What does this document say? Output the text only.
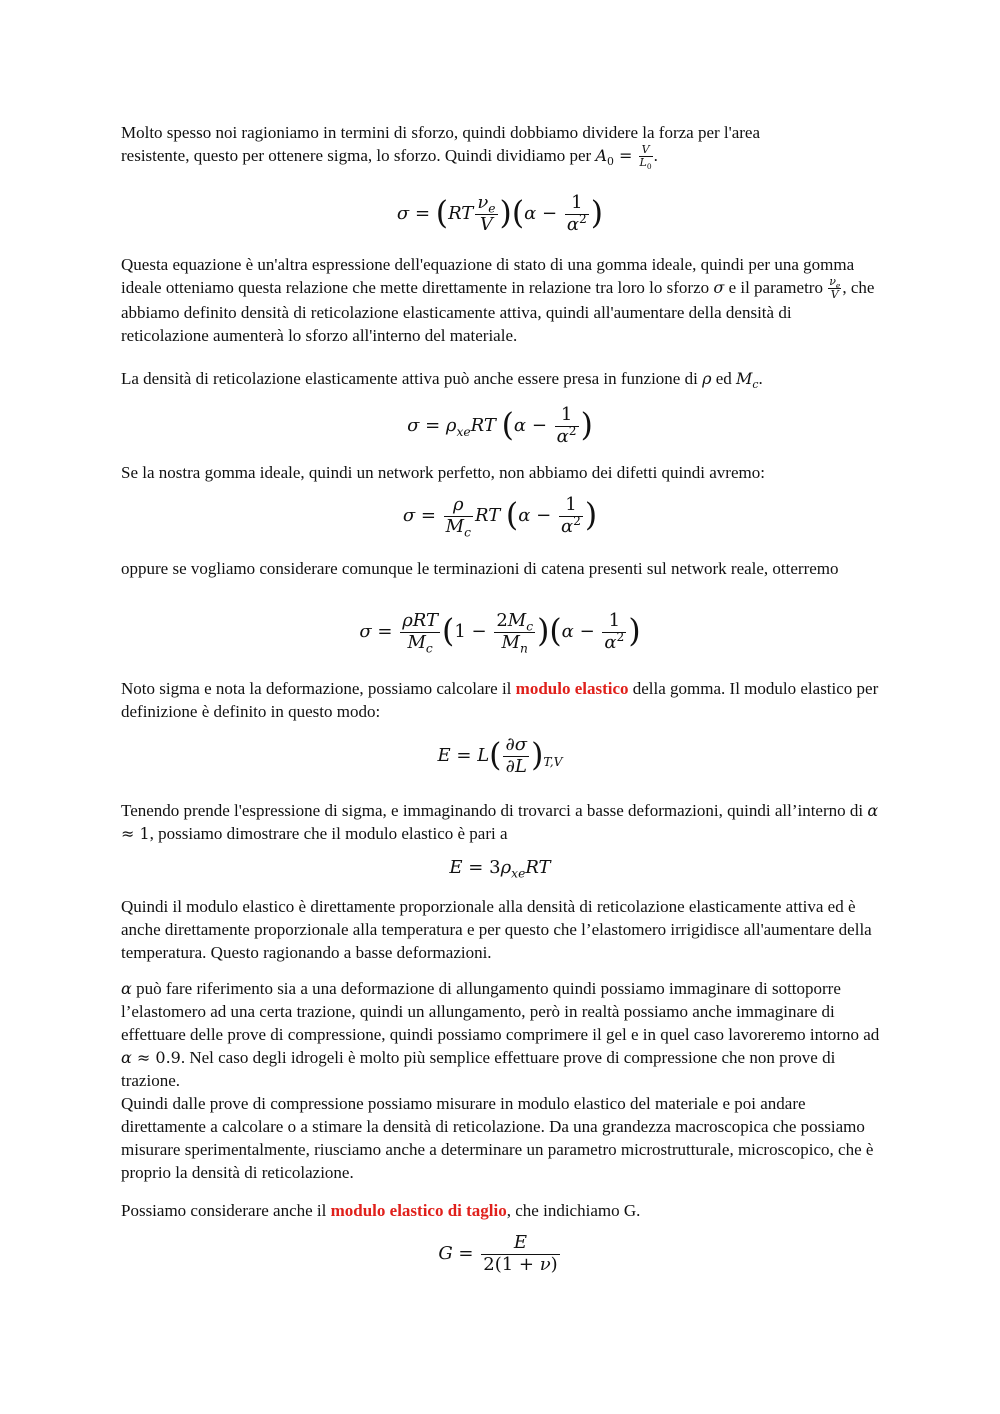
Molto spesso noi ragioniamo in termini di sforzo, quindi dobbiamo dividere la forza per l'area
resistente, questo per ottenere sigma, lo sforzo. Quindi dividiamo per $A_0 = \frac{V}{L_0}$ .

$\sigma = (RT \frac{\nu_e}{V} )(\alpha - \frac{1}{\alpha^2}$ )

Questa equazione è un'altra espressione dell'equazione di stato di una gomma ideale, quindi per una gomma ideale otteniamo questa relazione che mette direttamente in relazione tra loro lo sforzo σ e il parametro $\frac{\nu_e}{V}$ , che abbiamo definito densità di reticolazione elasticamente attiva, quindi all'aumentare della densità di reticolazione aumenterà lo sforzo all'interno del materiale.

La densità di reticolazione elasticamente attiva può anche essere presa in funzione di ρ ed $M_c$.

$\sigma = \rho_{xe}RT$ ($\alpha - \frac{1}{\alpha^2}$ )

Se la nostra gomma ideale, quindi un network perfetto, non abbiamo dei difetti quindi avremo:

$\sigma = \frac{\rho}{M_c}$ RT ($\alpha - \frac{1}{\alpha^2}$ )

oppure se vogliamo considerare comunque le terminazioni di catena presenti sul network reale, otterremo

$\sigma = \frac{\text{ρRT}}{M_c} (1 - \frac{2M_c}{M_n} )(\alpha - \frac{1}{\alpha^2}$ )

Noto sigma e nota la deformazione, possiamo calcolare il modulo elastico della gomma. Il modulo elastico per definizione è definito in questo modo:

$E = L( \frac{\partial\sigma}{\partial L} )_{T,V}$

Tenendo prende l'espressione di sigma, e immaginando di trovarci a basse deformazioni, quindi all’interno di α ≈ 1, possiamo dimostrare che il modulo elastico è pari a

$E = 3\rho_{xe}RT$

Quindi il modulo elastico è direttamente proporzionale alla densità di reticolazione elasticamente attiva ed è anche direttamente proporzionale alla temperatura e per questo che l’elastomero irrigidisce all'aumentare della temperatura. Questo ragionando a basse deformazioni.

α può fare riferimento sia a una deformazione di allungamento quindi possiamo immaginare di sottoporre l’elastomero ad una certa trazione, quindi un allungamento, però in realtà possiamo anche immaginare di effettuare delle prove di compressione, quindi possiamo comprimere il gel e in quel caso lavoreremo intorno ad α ≈ 0.9. Nel caso degli idrogeli è molto più semplice effettuare prove di compressione che non prove di trazione.
Quindi dalle prove di compressione possiamo misurare in modulo elastico del materiale e poi andare direttamente a calcolare o a stimare la densità di reticolazione. Da una grandezza macroscopica che possiamo misurare sperimentalmente, riusciamo anche a determinare un parametro microstrutturale, microscopico, che è proprio la densità di reticolazione.

Possiamo considerare anche il modulo elastico di taglio, che indichiamo G.

$G = \frac{E}{2(1 + \nu)}$
